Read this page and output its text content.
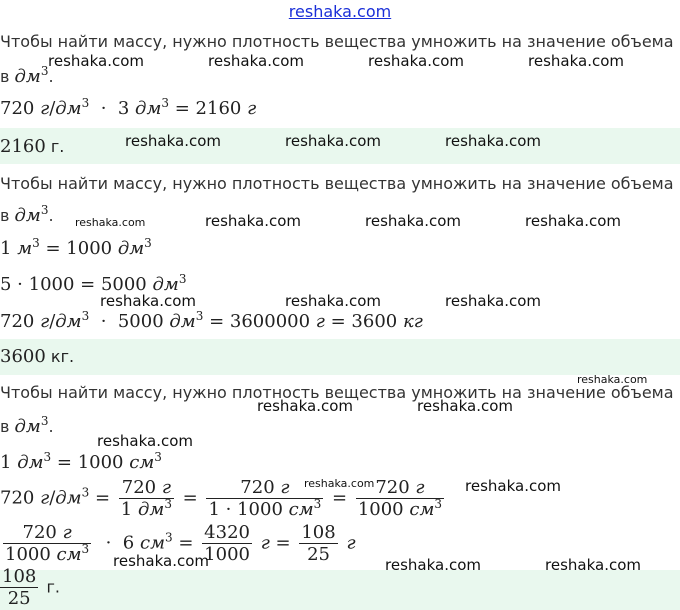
reshaka.com
Чтобы найти массу, нужно плотность вещества умножить на значение объема
в $дм^3$.
720 $г/дм^3 \cdot 3$ $дм^3 = 2160$ г
2160 г.
Чтобы найти массу, нужно плотность вещества умножить на значение объема
в $дм^3$.
1 $м^3 = 1000$ $дм^3$
5 · 1000 = 5000 $дм^3$
720 $г/дм^3 \cdot 5000$ $дм^3 = 3600000$ г = 3600 кг
3600 кг.
Чтобы найти массу, нужно плотность вещества умножить на значение объема
в $дм^3$.
1 $дм^3 = 1000$ $см^3$
720 $г/дм^3 = \frac{720 г}{1 дм^3} = \frac{720 г}{1 \cdot 1000 см^3} = \frac{720 г}{1000 см^3}$
$\frac{720 г}{1000 см^3} \cdot 6$ $см^3 = \frac{4320}{1000}$ $г = \frac{108}{25}$ г
$\frac{108}{25} г$.
reshaka.com	reshaka.com	reshaka.com	reshaka.com
reshaka.com	reshaka.com	reshaka.com
reshaka.com	reshaka.com	reshaka.com	reshaka.com
reshaka.com	reshaka.com	reshaka.com
reshaka.com
reshaka.com	reshaka.com
reshaka.com
reshaka.com	reshaka.com
reshaka.com	reshaka.com	reshaka.com
